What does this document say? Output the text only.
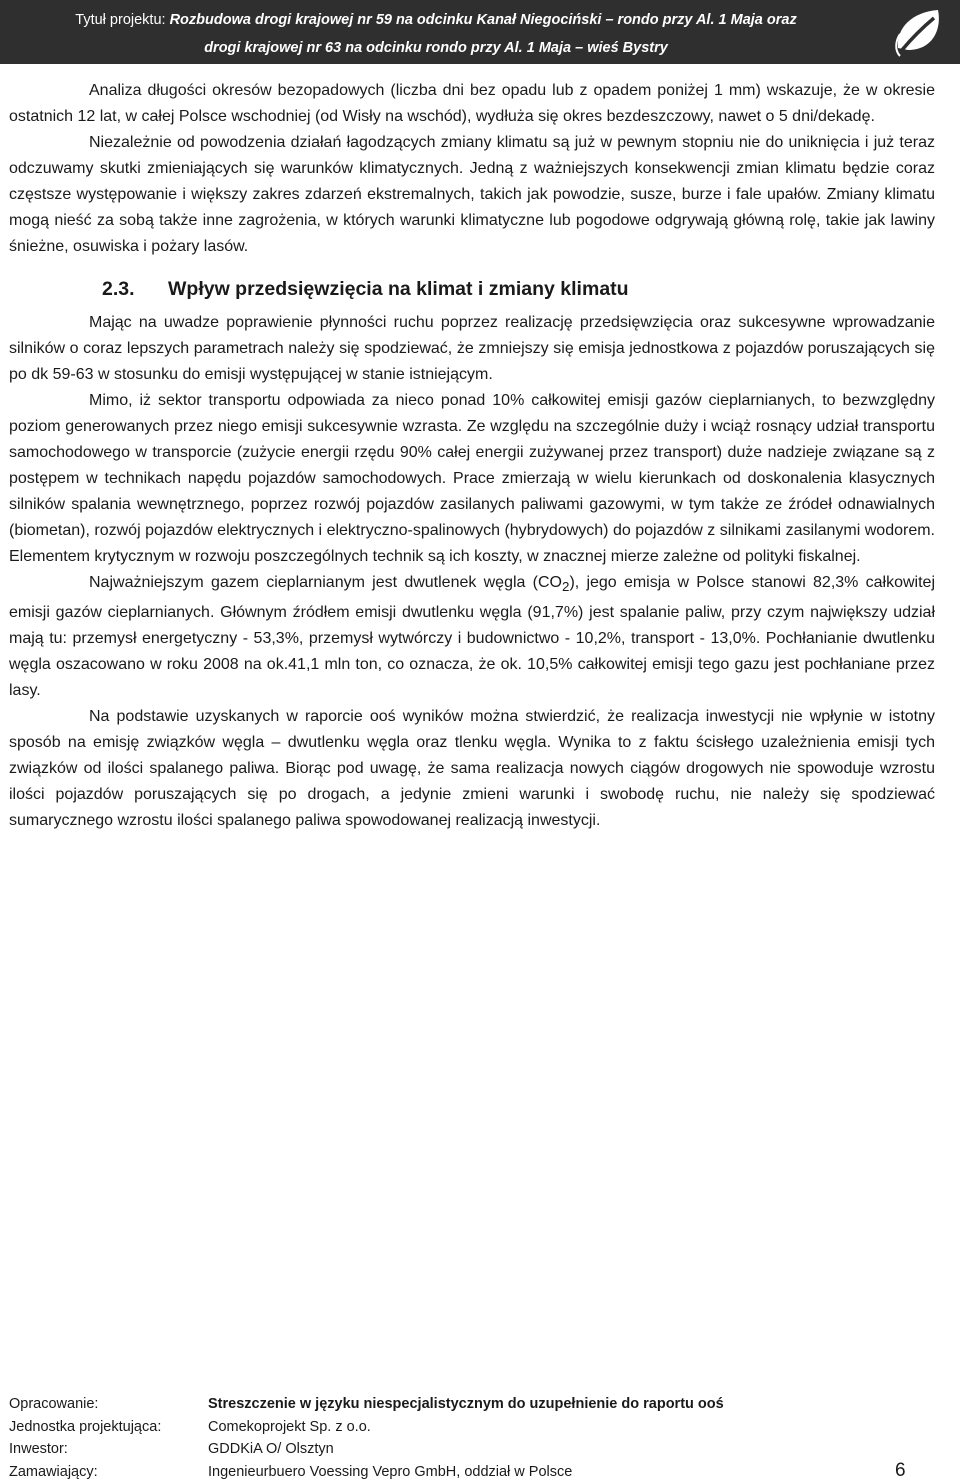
Tytuł projektu: Rozbudowa drogi krajowej nr 59 na odcinku Kanał Niegociński – rondo przy Al. 1 Maja oraz
drogi krajowej nr 63 na odcinku rondo przy Al. 1 Maja – wieś Bystry

Analiza długości okresów bezopadowych (liczba dni bez opadu lub z opadem poniżej 1 mm) wskazuje, że w okresie ostatnich 12 lat, w całej Polsce wschodniej (od Wisły na wschód), wydłuża się okres bezdeszczowy, nawet o 5 dni/dekadę.

Niezależnie od powodzenia działań łagodzących zmiany klimatu są już w pewnym stopniu nie do uniknięcia i już teraz odczuwamy skutki zmieniających się warunków klimatycznych. Jedną z ważniejszych konsekwencji zmian klimatu będzie coraz częstsze występowanie i większy zakres zdarzeń ekstremalnych, takich jak powodzie, susze, burze i fale upałów. Zmiany klimatu mogą nieść za sobą także inne zagrożenia, w których warunki klimatyczne lub pogodowe odgrywają główną rolę, takie jak lawiny śnieżne, osuwiska i pożary lasów.

2.3. Wpływ przedsięwzięcia na klimat i zmiany klimatu

Mając na uwadze poprawienie płynności ruchu poprzez realizację przedsięwzięcia oraz sukcesywne wprowadzanie silników o coraz lepszych parametrach należy się spodziewać, że zmniejszy się emisja jednostkowa z pojazdów poruszających się po dk 59-63 w stosunku do emisji występującej w stanie istniejącym.

Mimo, iż sektor transportu odpowiada za nieco ponad 10% całkowitej emisji gazów cieplarnianych, to bezwzględny poziom generowanych przez niego emisji sukcesywnie wzrasta. Ze względu na szczególnie duży i wciąż rosnący udział transportu samochodowego w transporcie (zużycie energii rzędu 90% całej energii zużywanej przez transport) duże nadzieje związane są z postępem w technikach napędu pojazdów samochodowych. Prace zmierzają w wielu kierunkach od doskonalenia klasycznych silników spalania wewnętrznego, poprzez rozwój pojazdów zasilanych paliwami gazowymi, w tym także ze źródeł odnawialnych (biometan), rozwój pojazdów elektrycznych i elektryczno-spalinowych (hybrydowych) do pojazdów z silnikami zasilanymi wodorem. Elementem krytycznym w rozwoju poszczególnych technik są ich koszty, w znacznej mierze zależne od polityki fiskalnej.

Najważniejszym gazem cieplarnianym jest dwutlenek węgla $(CO_2)$, jego emisja w Polsce stanowi 82,3% całkowitej emisji gazów cieplarnianych. Głównym źródłem emisji dwutlenku węgla (91,7%) jest spalanie paliw, przy czym największy udział mają tu: przemysł energetyczny - 53,3%, przemysł wytwórczy i budownictwo - 10,2%, transport - 13,0%. Pochłanianie dwutlenku węgla oszacowano w roku 2008 na ok.41,1 mln ton, co oznacza, że ok. 10,5% całkowitej emisji tego gazu jest pochłaniane przez lasy.

Na podstawie uzyskanych w raporcie ooś wyników można stwierdzić, że realizacja inwestycji nie wpłynie w istotny sposób na emisję związków węgla – dwutlenku węgla oraz tlenku węgla. Wynika to z faktu ścisłego uzależnienia emisji tych związków od ilości spalanego paliwa. Biorąc pod uwagę, że sama realizacja nowych ciągów drogowych nie spowoduje wzrostu ilości pojazdów poruszających się po drogach, a jedynie zmieni warunki i swobodę ruchu, nie należy się spodziewać sumarycznego wzrostu ilości spalanego paliwa spowodowanej realizacją inwestycji.

Opracowanie:	Streszczenie w języku niespecjalistycznym do uzupełnienie do raportu ooś
Jednostka projektująca:	Comekoprojekt Sp. z o.o.
Inwestor:	GDDKiA O/ Olsztyn
Zamawiający:	Ingenieurbuero Voessing Vepro GmbH, oddział w Polsce	6
